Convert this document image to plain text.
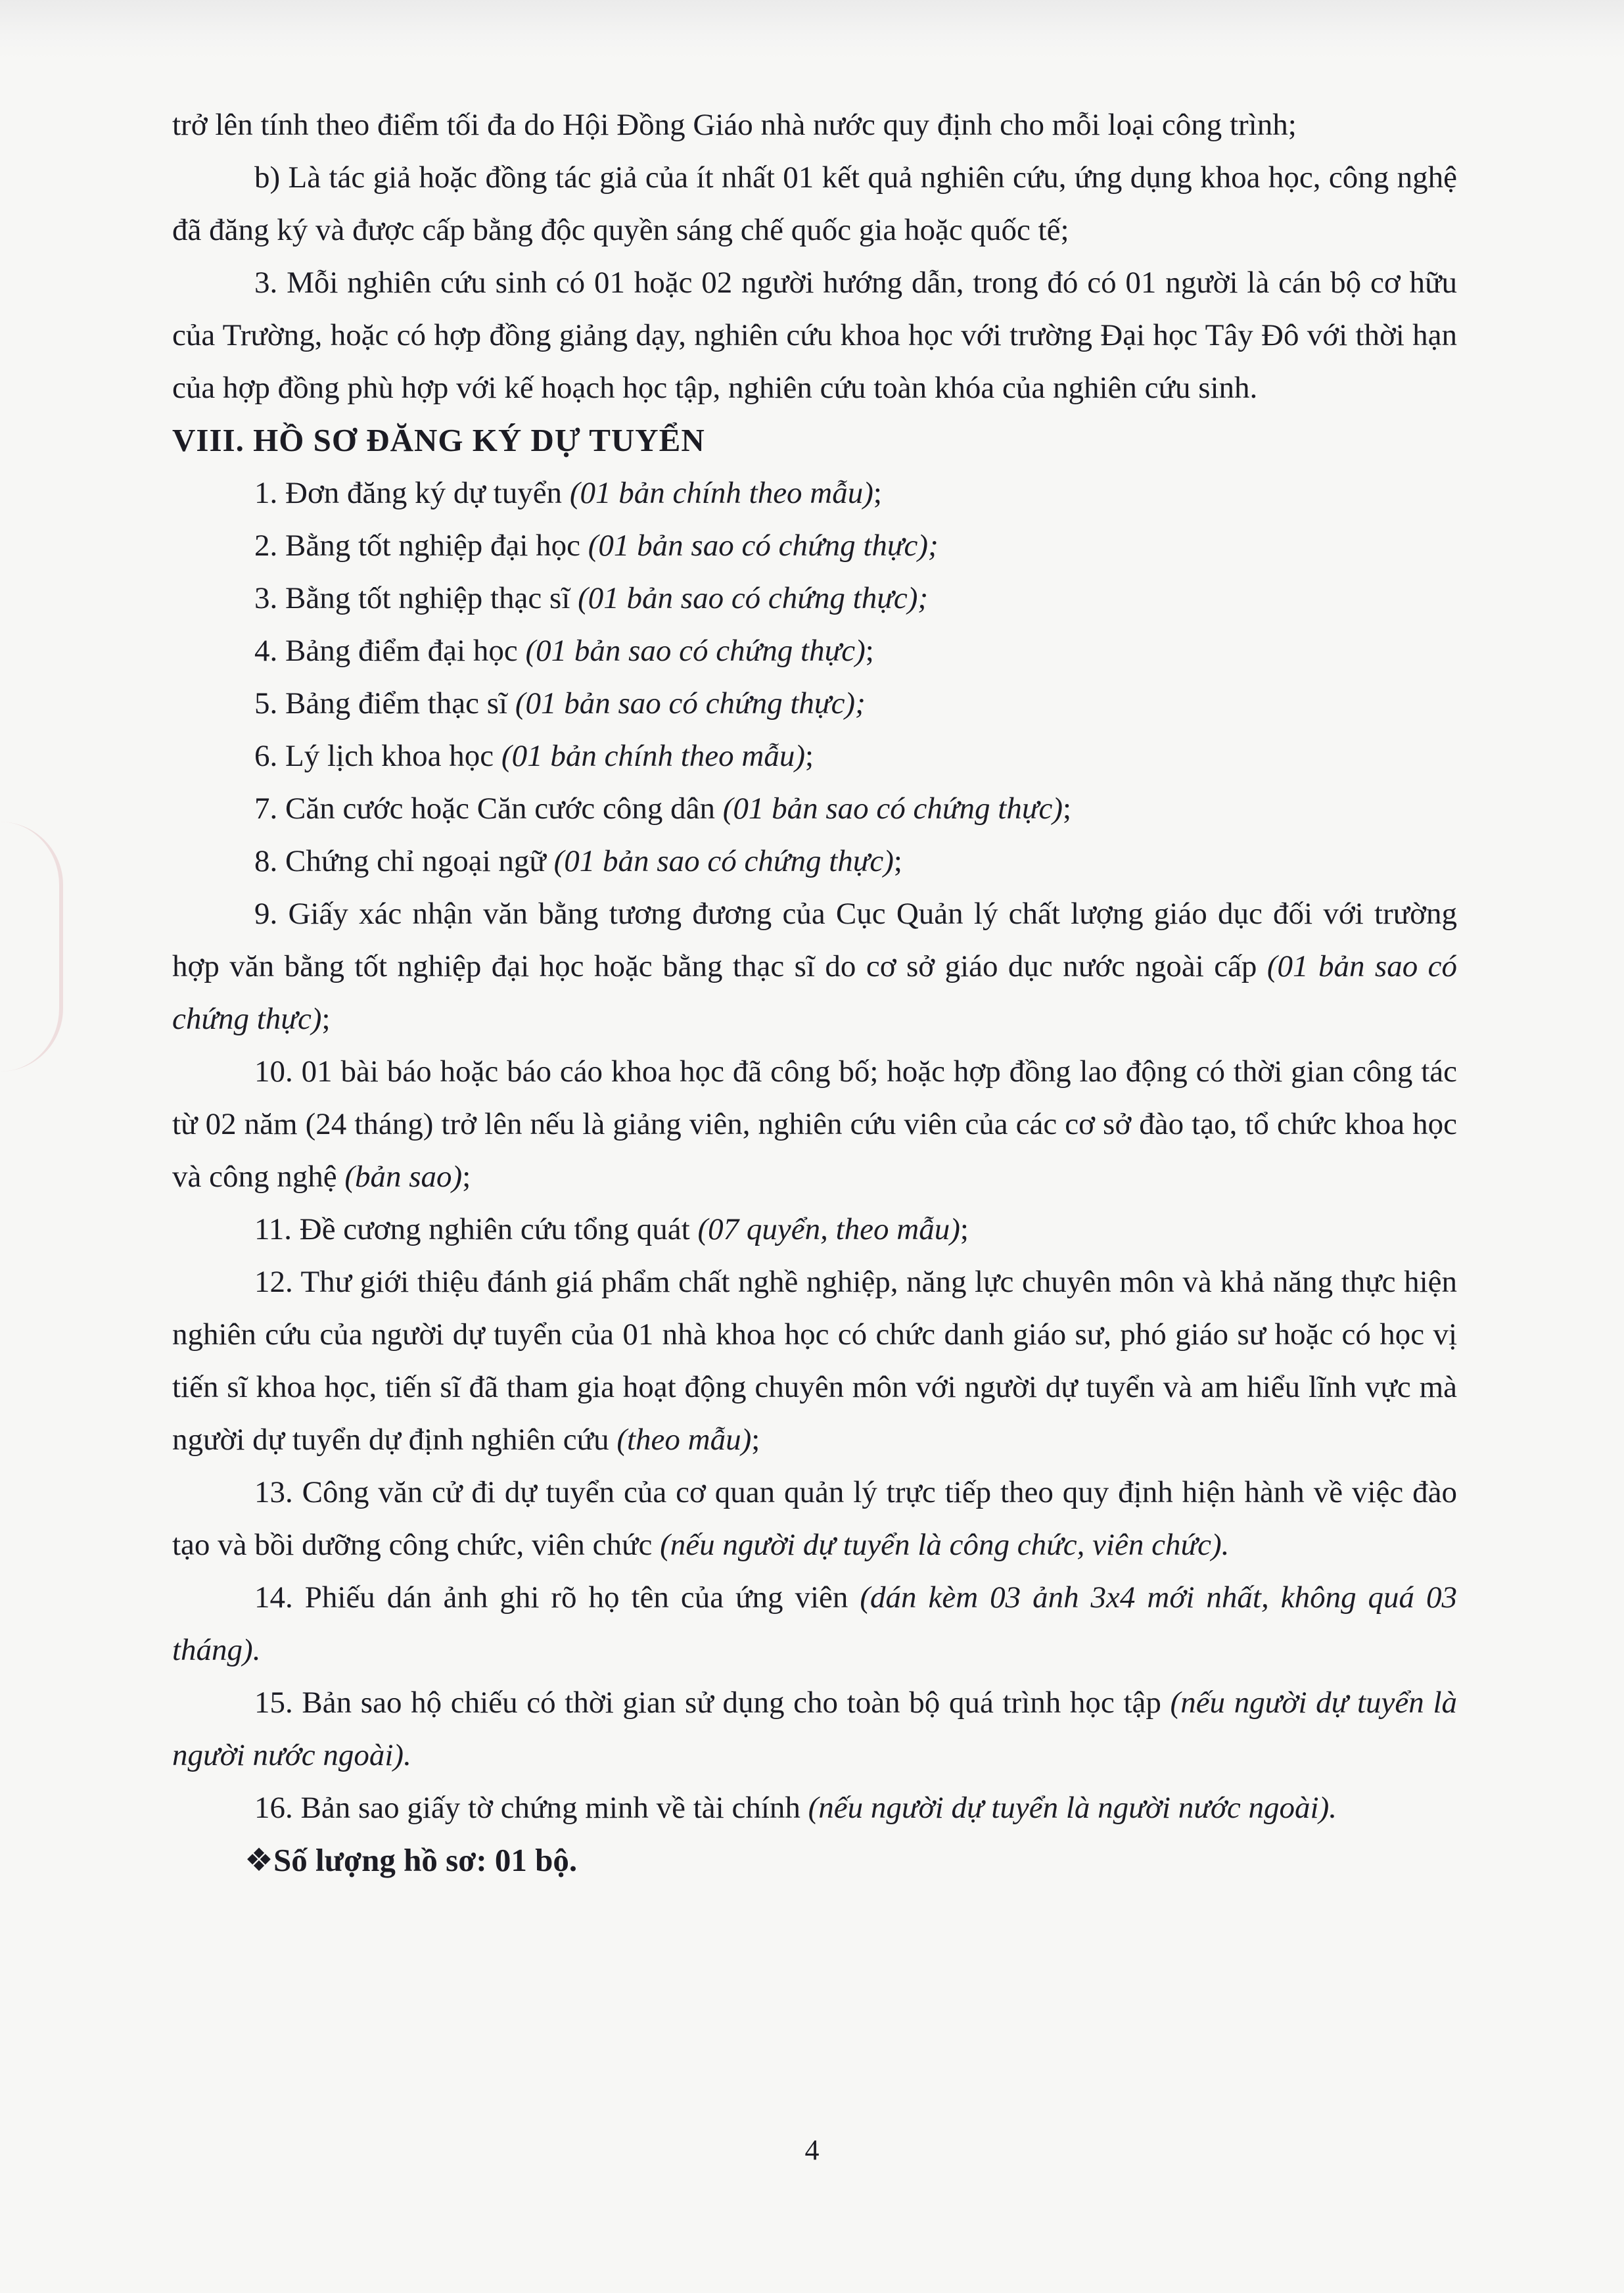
trở lên tính theo điểm tối đa do Hội Đồng Giáo nhà nước quy định cho mỗi loại công trình;

b) Là tác giả hoặc đồng tác giả của ít nhất 01 kết quả nghiên cứu, ứng dụng khoa học, công nghệ đã đăng ký và được cấp bằng độc quyền sáng chế quốc gia hoặc quốc tế;

3. Mỗi nghiên cứu sinh có 01 hoặc 02 người hướng dẫn, trong đó có 01 người là cán bộ cơ hữu của Trường, hoặc có hợp đồng giảng dạy, nghiên cứu khoa học với trường Đại học Tây Đô với thời hạn của hợp đồng phù hợp với kế hoạch học tập, nghiên cứu toàn khóa của nghiên cứu sinh.

VIII. HỒ SƠ ĐĂNG KÝ DỰ TUYỂN

1. Đơn đăng ký dự tuyển (01 bản chính theo mẫu);

2. Bằng tốt nghiệp đại học (01 bản sao có chứng thực);

3. Bằng tốt nghiệp thạc sĩ (01 bản sao có chứng thực);

4. Bảng điểm đại học (01 bản sao có chứng thực);

5. Bảng điểm thạc sĩ (01 bản sao có chứng thực);

6. Lý lịch khoa học (01 bản chính theo mẫu);

7. Căn cước hoặc Căn cước công dân (01 bản sao có chứng thực);

8. Chứng chỉ ngoại ngữ (01 bản sao có chứng thực);

9. Giấy xác nhận văn bằng tương đương của Cục Quản lý chất lượng giáo dục đối với trường hợp văn bằng tốt nghiệp đại học hoặc bằng thạc sĩ do cơ sở giáo dục nước ngoài cấp (01 bản sao có chứng thực);

10. 01 bài báo hoặc báo cáo khoa học đã công bố; hoặc hợp đồng lao động có thời gian công tác từ 02 năm (24 tháng) trở lên nếu là giảng viên, nghiên cứu viên của các cơ sở đào tạo, tổ chức khoa học và công nghệ (bản sao);

11. Đề cương nghiên cứu tổng quát (07 quyển, theo mẫu);

12. Thư giới thiệu đánh giá phẩm chất nghề nghiệp, năng lực chuyên môn và khả năng thực hiện nghiên cứu của người dự tuyển của 01 nhà khoa học có chức danh giáo sư, phó giáo sư hoặc có học vị tiến sĩ khoa học, tiến sĩ đã tham gia hoạt động chuyên môn với người dự tuyển và am hiểu lĩnh vực mà người dự tuyển dự định nghiên cứu (theo mẫu);

13. Công văn cử đi dự tuyển của cơ quan quản lý trực tiếp theo quy định hiện hành về việc đào tạo và bồi dưỡng công chức, viên chức (nếu người dự tuyển là công chức, viên chức).

14. Phiếu dán ảnh ghi rõ họ tên của ứng viên (dán kèm 03 ảnh 3x4 mới nhất, không quá 03 tháng).

15. Bản sao hộ chiếu có thời gian sử dụng cho toàn bộ quá trình học tập (nếu người dự tuyển là người nước ngoài).

16. Bản sao giấy tờ chứng minh về tài chính (nếu người dự tuyển là người nước ngoài).

❖Số lượng hồ sơ: 01 bộ.

4
